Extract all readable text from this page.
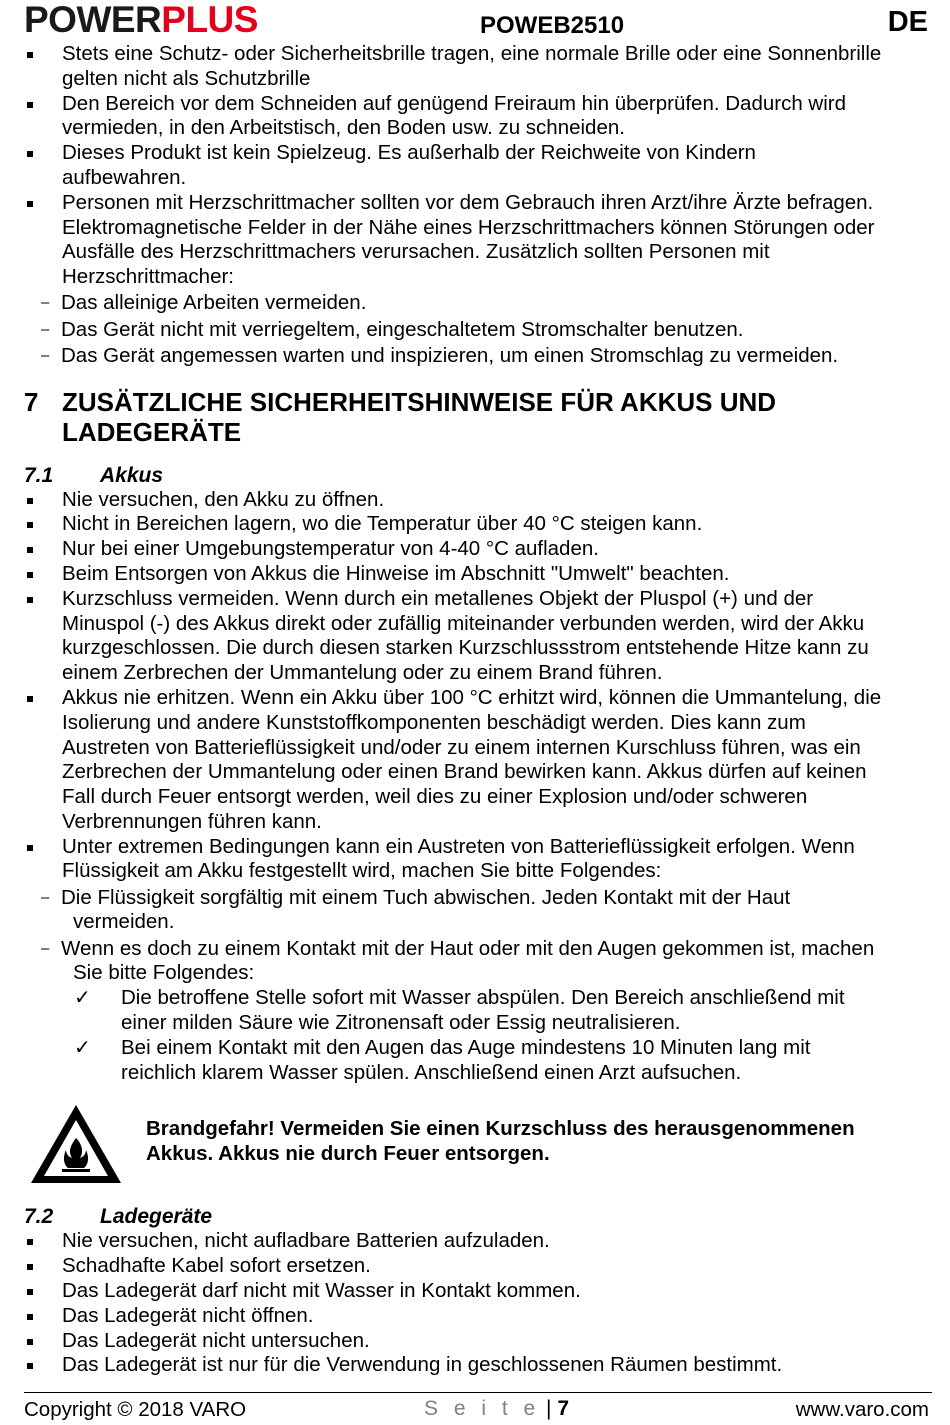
POWERPLUS	POWEB2510	DE
Stets eine Schutz- oder Sicherheitsbrille tragen, eine normale Brille oder eine Sonnenbrille
gelten nicht als Schutzbrille
Den Bereich vor dem Schneiden auf genügend Freiraum hin überprüfen. Dadurch wird
vermieden, in den Arbeitstisch, den Boden usw. zu schneiden.
Dieses Produkt ist kein Spielzeug. Es außerhalb der Reichweite von Kindern
aufbewahren.
Personen mit Herzschrittmacher sollten vor dem Gebrauch ihren Arzt/ihre Ärzte befragen.
Elektromagnetische Felder in der Nähe eines Herzschrittmachers können Störungen oder
Ausfälle des Herzschrittmachers verursachen. Zusätzlich sollten Personen mit
Herzschrittmacher:
– Das alleinige Arbeiten vermeiden.
– Das Gerät nicht mit verriegeltem, eingeschaltetem Stromschalter benutzen.
– Das Gerät angemessen warten und inspizieren, um einen Stromschlag zu vermeiden.
7 ZUSÄTZLICHE SICHERHEITSHINWEISE FÜR AKKUS UND
LADEGERÄTE
7.1 Akkus
Nie versuchen, den Akku zu öffnen.
Nicht in Bereichen lagern, wo die Temperatur über 40 °C steigen kann.
Nur bei einer Umgebungstemperatur von 4-40 °C aufladen.
Beim Entsorgen von Akkus die Hinweise im Abschnitt "Umwelt" beachten.
Kurzschluss vermeiden. Wenn durch ein metallenes Objekt der Pluspol (+) und der
Minuspol (-) des Akkus direkt oder zufällig miteinander verbunden werden, wird der Akku
kurzgeschlossen. Die durch diesen starken Kurzschlussstrom entstehende Hitze kann zu
einem Zerbrechen der Ummantelung oder zu einem Brand führen.
Akkus nie erhitzen. Wenn ein Akku über 100 °C erhitzt wird, können die Ummantelung, die
Isolierung und andere Kunststoffkomponenten beschädigt werden. Dies kann zum
Austreten von Batterieflüssigkeit und/oder zu einem internen Kurschluss führen, was ein
Zerbrechen der Ummantelung oder einen Brand bewirken kann. Akkus dürfen auf keinen
Fall durch Feuer entsorgt werden, weil dies zu einer Explosion und/oder schweren
Verbrennungen führen kann.
Unter extremen Bedingungen kann ein Austreten von Batterieflüssigkeit erfolgen. Wenn
Flüssigkeit am Akku festgestellt wird, machen Sie bitte Folgendes:
– Die Flüssigkeit sorgfältig mit einem Tuch abwischen. Jeden Kontakt mit der Haut
vermeiden.
– Wenn es doch zu einem Kontakt mit der Haut oder mit den Augen gekommen ist, machen
Sie bitte Folgendes:
✓ Die betroffene Stelle sofort mit Wasser abspülen. Den Bereich anschließend mit
einer milden Säure wie Zitronensaft oder Essig neutralisieren.
✓ Bei einem Kontakt mit den Augen das Auge mindestens 10 Minuten lang mit
reichlich klarem Wasser spülen. Anschließend einen Arzt aufsuchen.
Brandgefahr! Vermeiden Sie einen Kurzschluss des herausgenommenen
Akkus. Akkus nie durch Feuer entsorgen.
7.2 Ladegeräte
Nie versuchen, nicht aufladbare Batterien aufzuladen.
Schadhafte Kabel sofort ersetzen.
Das Ladegerät darf nicht mit Wasser in Kontakt kommen.
Das Ladegerät nicht öffnen.
Das Ladegerät nicht untersuchen.
Das Ladegerät ist nur für die Verwendung in geschlossenen Räumen bestimmt.
Copyright © 2018 VARO	S e i t e | 7	www.varo.com
